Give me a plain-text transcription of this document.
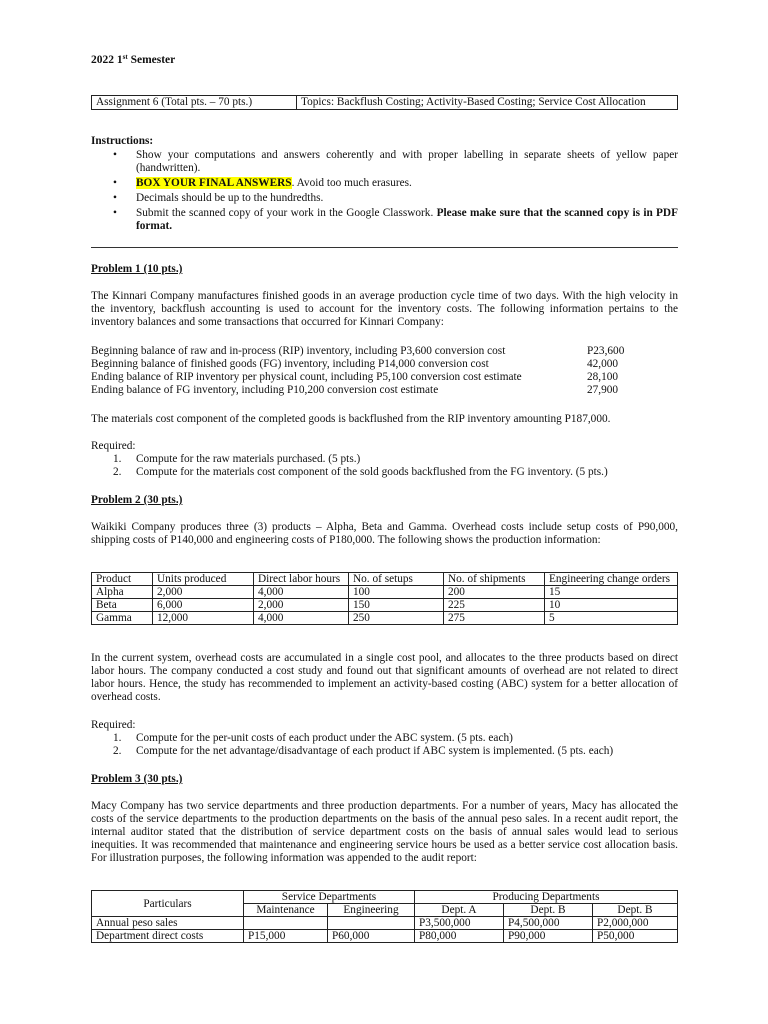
2022 1st Semester
Assignment 6 (Total pts. – 70 pts.)	Topics: Backflush Costing; Activity-Based Costing; Service Cost Allocation
Instructions:
• Show your computations and answers coherently and with proper labelling in separate sheets of yellow paper (handwritten).
• BOX YOUR FINAL ANSWERS. Avoid too much erasures.
• Decimals should be up to the hundredths.
• Submit the scanned copy of your work in the Google Classwork. Please make sure that the scanned copy is in PDF format.
Problem 1 (10 pts.)

The Kinnari Company manufactures finished goods in an average production cycle time of two days. With the high velocity in the inventory, backflush accounting is used to account for the inventory costs. The following information pertains to the inventory balances and some transactions that occurred for Kinnari Company:

Beginning balance of raw and in-process (RIP) inventory, including P3,600 conversion cost	P23,600
Beginning balance of finished goods (FG) inventory, including P14,000 conversion cost	42,000
Ending balance of RIP inventory per physical count, including P5,100 conversion cost estimate	28,100
Ending balance of FG inventory, including P10,200 conversion cost estimate	27,900

The materials cost component of the completed goods is backflushed from the RIP inventory amounting P187,000.

Required:
1. Compute for the raw materials purchased. (5 pts.)
2. Compute for the materials cost component of the sold goods backflushed from the FG inventory. (5 pts.)
Problem 2 (30 pts.)

Waikiki Company produces three (3) products – Alpha, Beta and Gamma. Overhead costs include setup costs of P90,000, shipping costs of P140,000 and engineering costs of P180,000. The following shows the production information:

Product	Units produced	Direct labor hours	No. of setups	No. of shipments	Engineering change orders
Alpha	2,000	4,000	100	200	15
Beta	6,000	2,000	150	225	10
Gamma	12,000	4,000	250	275	5

In the current system, overhead costs are accumulated in a single cost pool, and allocates to the three products based on direct labor hours. The company conducted a cost study and found out that significant amounts of overhead are not related to direct labor hours. Hence, the study has recommended to implement an activity-based costing (ABC) system for a better allocation of overhead costs.

Required:
1. Compute for the per-unit costs of each product under the ABC system. (5 pts. each)
2. Compute for the net advantage/disadvantage of each product if ABC system is implemented. (5 pts. each)
Problem 3 (30 pts.)

Macy Company has two service departments and three production departments. For a number of years, Macy has allocated the costs of the service departments to the production departments on the basis of the annual peso sales. In a recent audit report, the internal auditor stated that the distribution of service department costs on the basis of annual sales would lead to serious inequities. It was recommended that maintenance and engineering service hours be used as a better service cost allocation basis. For illustration purposes, the following information was appended to the audit report:

Particulars	Service Departments		Producing Departments		
	Maintenance	Engineering	Dept. A	Dept. B	Dept. B
Annual peso sales			P3,500,000	P4,500,000	P2,000,000
Department direct costs	P15,000	P60,000	P80,000	P90,000	P50,000
